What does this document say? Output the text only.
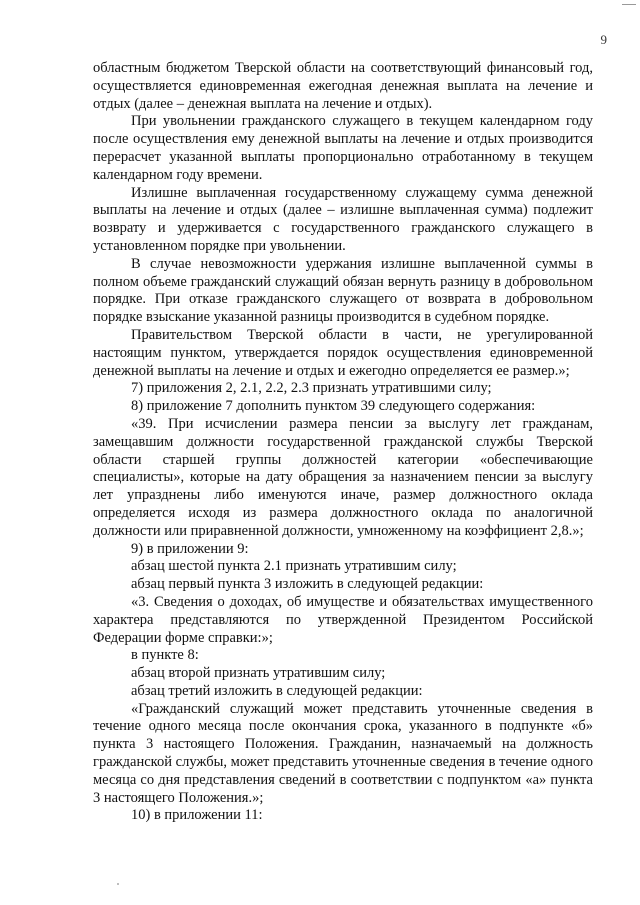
9

областным бюджетом Тверской области на соответствующий финансовый год, осуществляется единовременная ежегодная денежная выплата на лечение и отдых (далее – денежная выплата на лечение и отдых).

При увольнении гражданского служащего в текущем календарном году после осуществления ему денежной выплаты на лечение и отдых производится перерасчет указанной выплаты пропорционально отработанному в текущем календарном году времени.

Излишне выплаченная государственному служащему сумма денежной выплаты на лечение и отдых (далее – излишне выплаченная сумма) подлежит возврату и удерживается с государственного гражданского служащего в установленном порядке при увольнении.

В случае невозможности удержания излишне выплаченной суммы в полном объеме гражданский служащий обязан вернуть разницу в добровольном порядке. При отказе гражданского служащего от возврата в добровольном порядке взыскание указанной разницы производится в судебном порядке.

Правительством Тверской области в части, не урегулированной настоящим пунктом, утверждается порядок осуществления единовременной денежной выплаты на лечение и отдых и ежегодно определяется ее размер.»;

7) приложения 2, 2.1, 2.2, 2.3 признать утратившими силу;

8) приложение 7 дополнить пунктом 39 следующего содержания:

«39. При исчислении размера пенсии за выслугу лет гражданам, замещавшим должности государственной гражданской службы Тверской области старшей группы должностей категории «обеспечивающие специалисты», которые на дату обращения за назначением пенсии за выслугу лет упразднены либо именуются иначе, размер должностного оклада определяется исходя из размера должностного оклада по аналогичной должности или приравненной должности, умноженному на коэффициент 2,8.»;

9) в приложении 9:

абзац шестой пункта 2.1 признать утратившим силу;

абзац первый пункта 3 изложить в следующей редакции:

«3. Сведения о доходах, об имуществе и обязательствах имущественного характера представляются по утвержденной Президентом Российской Федерации форме справки:»;

в пункте 8:

абзац второй признать утратившим силу;

абзац третий изложить в следующей редакции:

«Гражданский служащий может представить уточненные сведения в течение одного месяца после окончания срока, указанного в подпункте «б» пункта 3 настоящего Положения. Гражданин, назначаемый на должность гражданской службы, может представить уточненные сведения в течение одного месяца со дня представления сведений в соответствии с подпунктом «а» пункта 3 настоящего Положения.»;

10) в приложении 11:
